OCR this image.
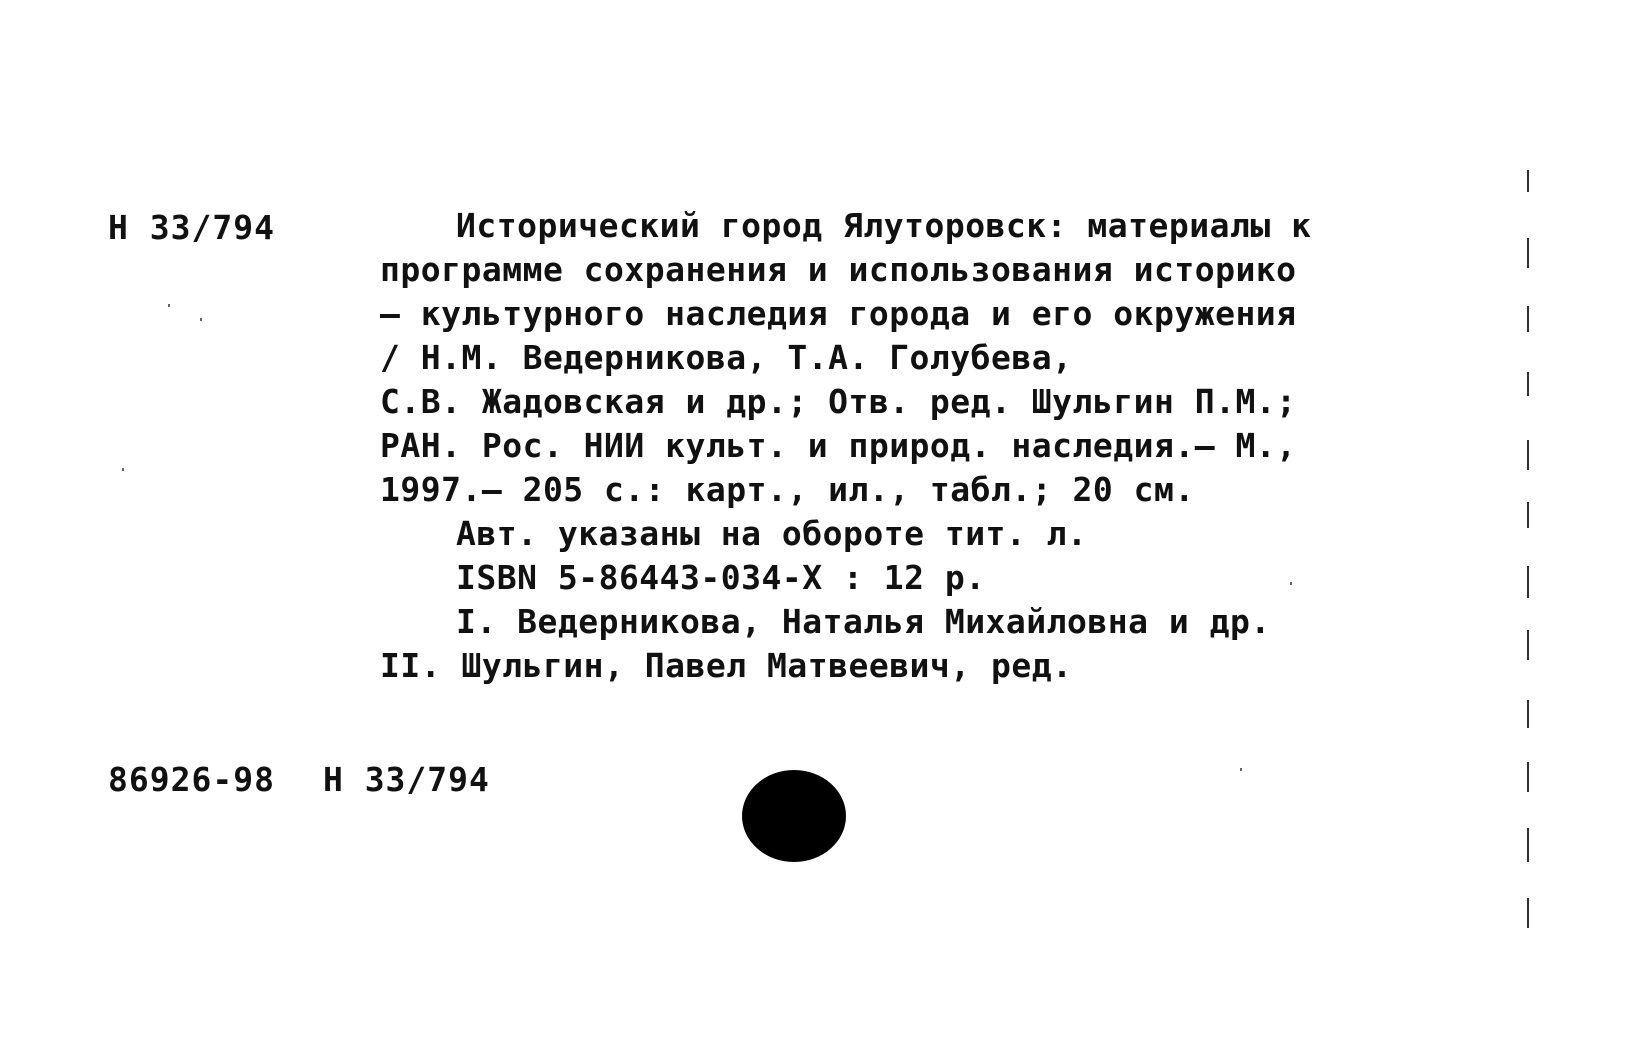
Н 33/794	Исторический город Ялуторовск: материалы к
программе сохранения и использования историко
– культурного наследия города и его окружения
/ Н.М. Ведерникова, Т.А. Голубева,
С.В. Жадовская и др.; Отв. ред. Шульгин П.М.;
РАН. Рос. НИИ культ. и природ. наследия.– М.,
1997.– 205 с.: карт., ил., табл.; 20 см.
Авт. указаны на обороте тит. л.
ISBN 5-86443-034-X : 12 р.
I. Ведерникова, Наталья Михайловна и др.
II. Шульгин, Павел Матвеевич, ред.
86926-98 Н 33/794
